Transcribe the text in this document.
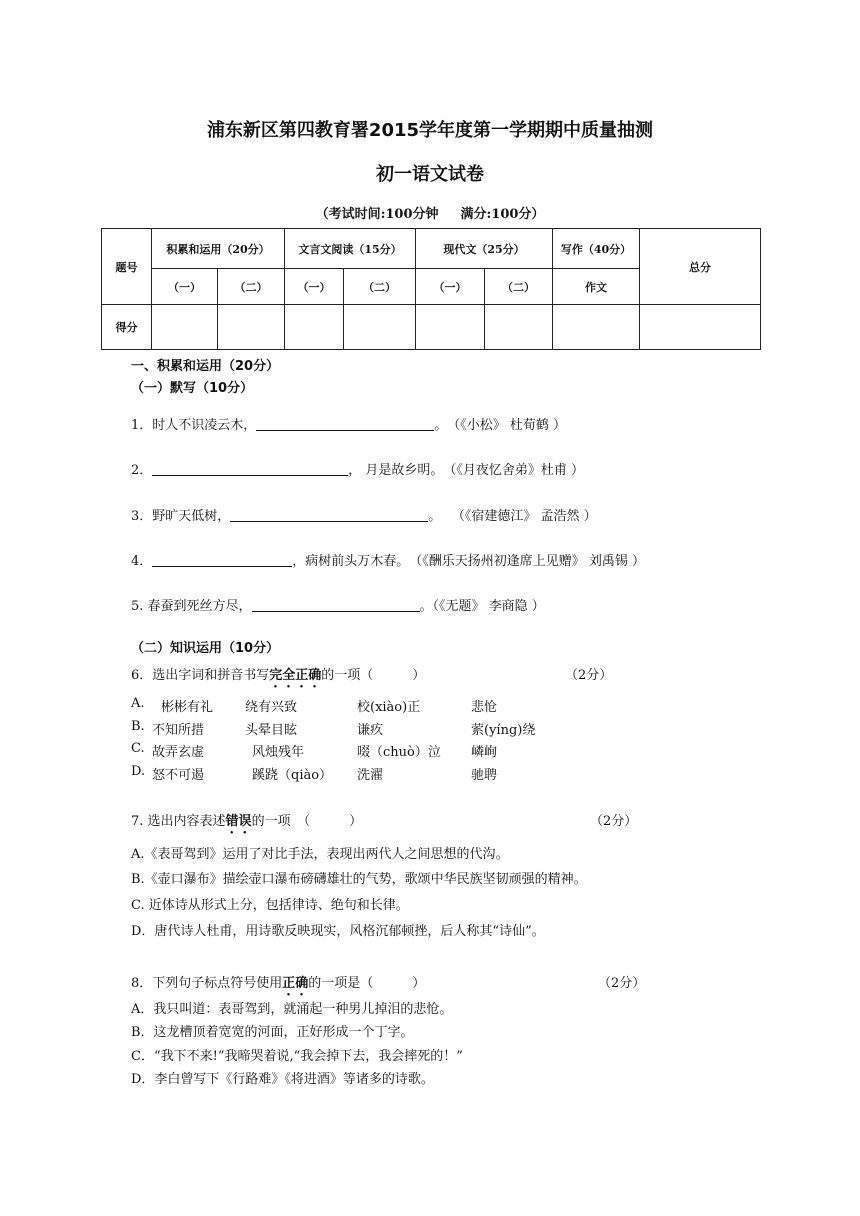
浦东新区第四教育署2015学年度第一学期期中质量抽测
初一语文试卷
（考试时间:100分钟 满分:100分）
题号	积累和运用（20分）		文言文阅读（15分）		现代文（25分）		写作（40分）	总分
	（一）	（二）	（一）	（二）	（一）	（二）	作文	
得分								
一、积累和运用（20分）
（一）默写（10分）
1．时人不识凌云木，	。　（《小松》 杜荀鹤 ）
2．	， 月是故乡明。　（《月夜忆舍弟》杜甫 ）
3．野旷天低树，	。　 （《宿建德江》 孟浩然 ）
4．	，病树前头万木春。　（《酬乐天扬州初逢席上见赠》 刘禹锡 ）
5. 春蚕到死丝方尽，	。（《无题》 李商隐 ）
（二）知识运用（10分）
6．选出字词和拼音书写完全正确的一项（　　　）	（2分）
A. 彬彬有礼 绕有兴致	校(xiào)正	悲怆
B. 不知所措	头晕目眩	谦疚	萦(yíng)绕
C. 故弄玄虚	风烛残年	啜（chuò）泣 嶙峋
D. 怒不可遏	蹊跷（qiào） 洗濯	驰聘
7. 选出内容表述错误的一项　（　　　）	（2分）
A.《表哥驾到》运用了对比手法，表现出两代人之间思想的代沟。
B.《壶口瀑布》描绘壶口瀑布磅礴雄壮的气势，歌颂中华民族坚韧顽强的精神。
C. 近体诗从形式上分，包括律诗、绝句和长律。
D．唐代诗人杜甫，用诗歌反映现实，风格沉郁顿挫，后人称其“诗仙”。
8．下列句子标点符号使用正确的一项是（　　　）	（2分）
A．我只叫道：表哥驾到，就涌起一种男儿掉泪的悲怆。
B．这龙槽顶着宽宽的河面，正好形成一个丁字。
C．“我下不来!”我啼哭着说,“我会掉下去，我会摔死的！”
D．李白曾写下《行路难》《将进酒》等诸多的诗歌。
